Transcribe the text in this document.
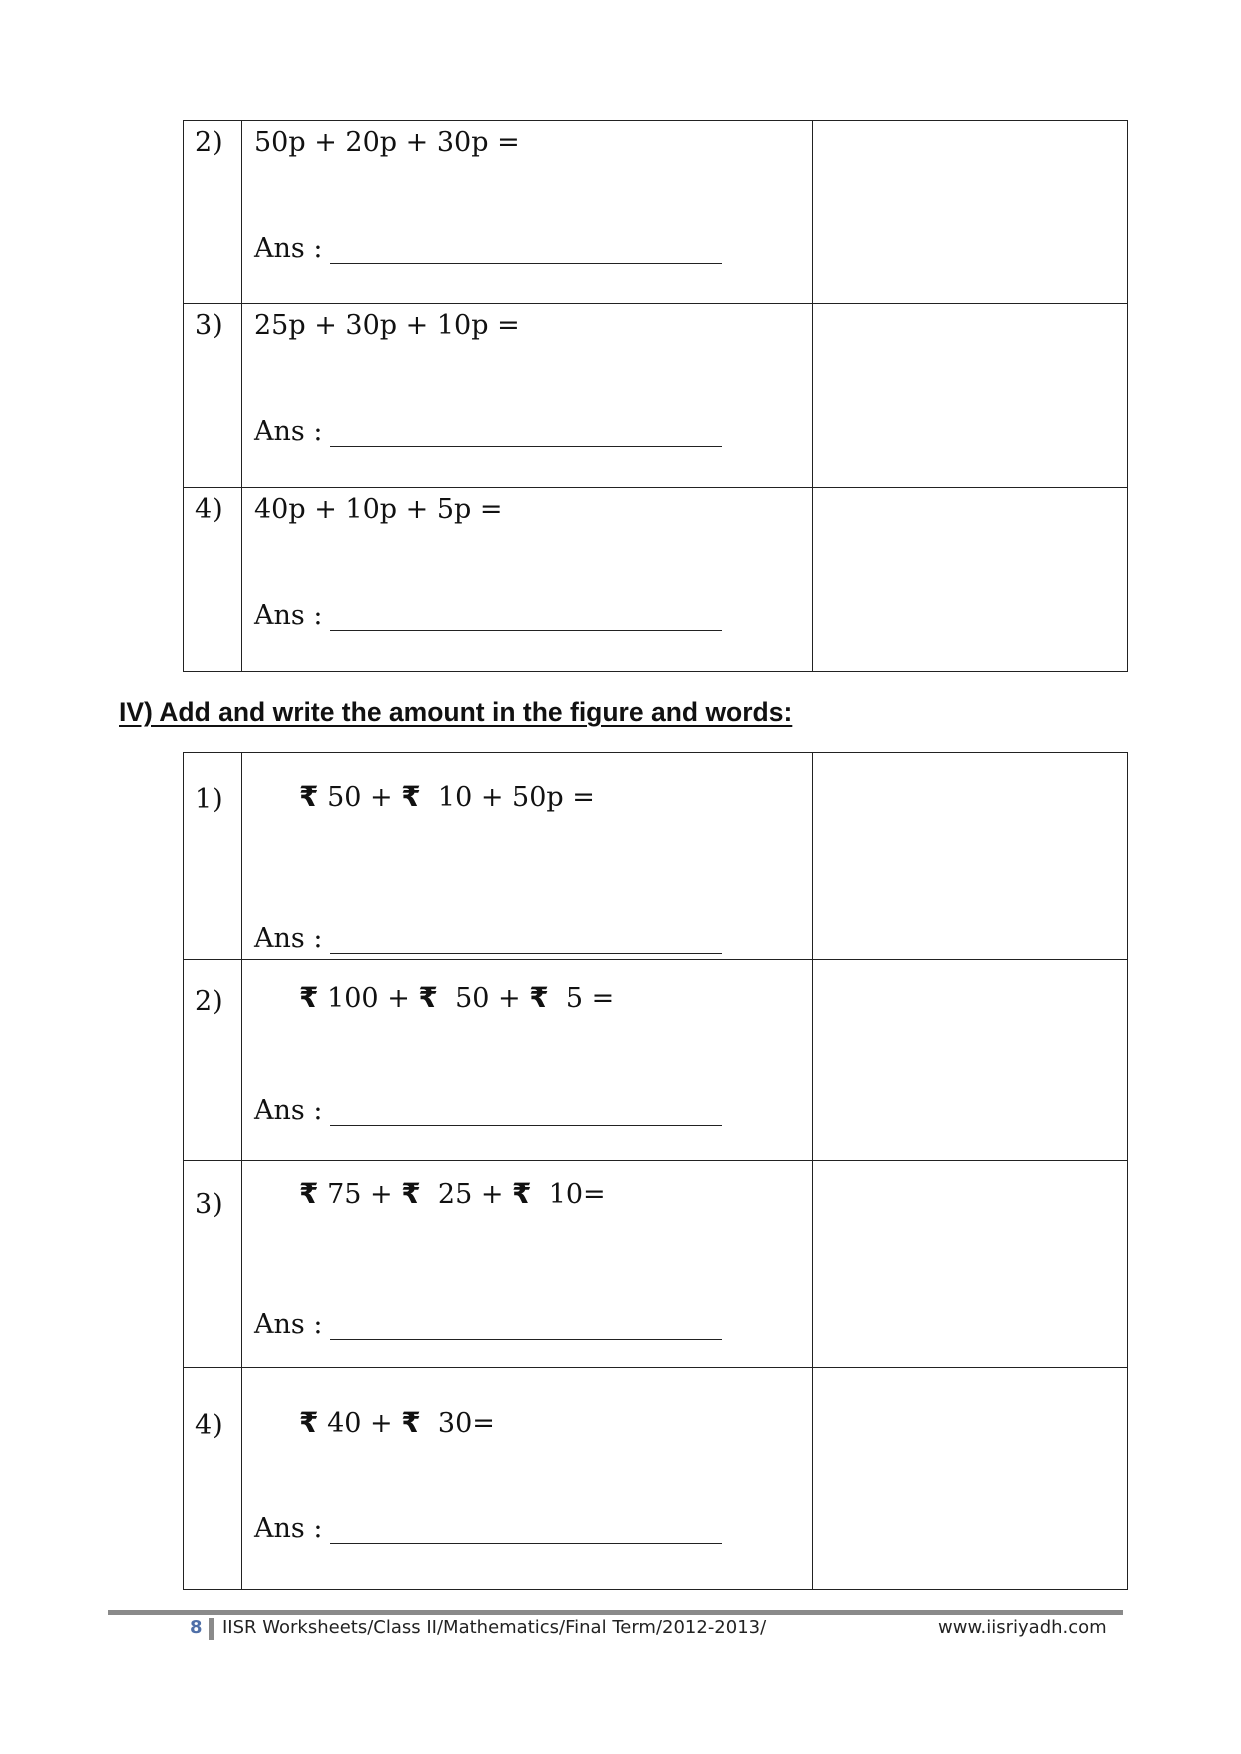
2)	50p + 20p + 30p =
Ans :	

3)	25p + 30p + 10p =
Ans :	

4)	40p + 10p + 5p =
Ans :	

IV) Add and write the amount in the figure and words:
1)	₹ 50 + ₹ 10 + 50p =
Ans :	

2)	₹ 100 + ₹ 50 + ₹ 5 =
Ans :	

3)	₹ 75 + ₹ 25 + ₹ 10=
Ans :	

4)	₹ 40 + ₹ 30=
Ans :	

8 IISR Worksheets/Class II/Mathematics/Final Term/2012-2013/	www.iisriyadh.com
